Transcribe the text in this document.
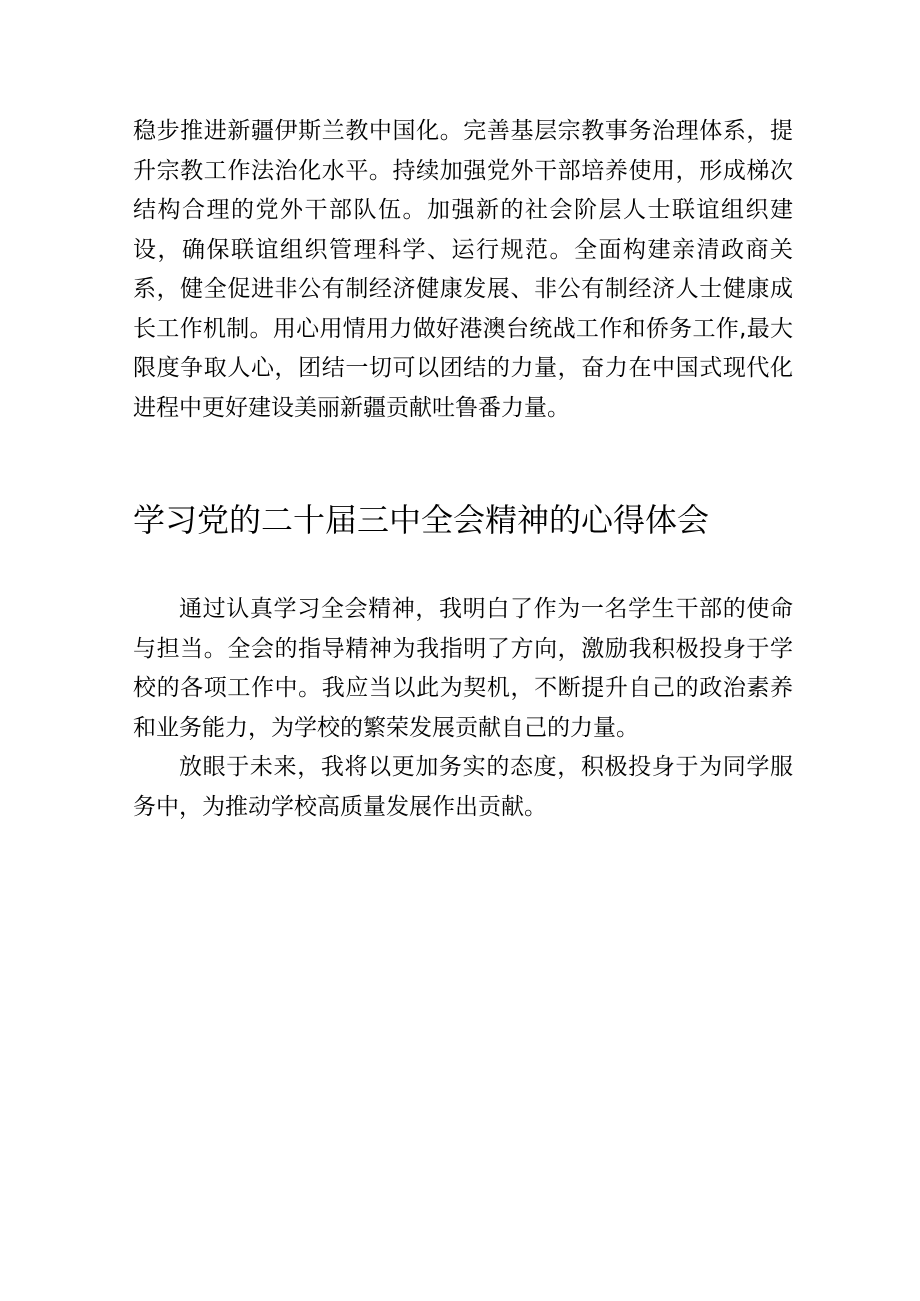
稳步推进新疆伊斯兰教中国化。完善基层宗教事务治理体系，提升宗教工作法治化水平。持续加强党外干部培养使用，形成梯次结构合理的党外干部队伍。加强新的社会阶层人士联谊组织建设，确保联谊组织管理科学、运行规范。全面构建亲清政商关系，健全促进非公有制经济健康发展、非公有制经济人士健康成长工作机制。用心用情用力做好港澳台统战工作和侨务工作,最大限度争取人心，团结一切可以团结的力量，奋力在中国式现代化进程中更好建设美丽新疆贡献吐鲁番力量。

学习党的二十届三中全会精神的心得体会

通过认真学习全会精神，我明白了作为一名学生干部的使命与担当。全会的指导精神为我指明了方向，激励我积极投身于学校的各项工作中。我应当以此为契机，不断提升自己的政治素养和业务能力，为学校的繁荣发展贡献自己的力量。

放眼于未来，我将以更加务实的态度，积极投身于为同学服务中，为推动学校高质量发展作出贡献。
